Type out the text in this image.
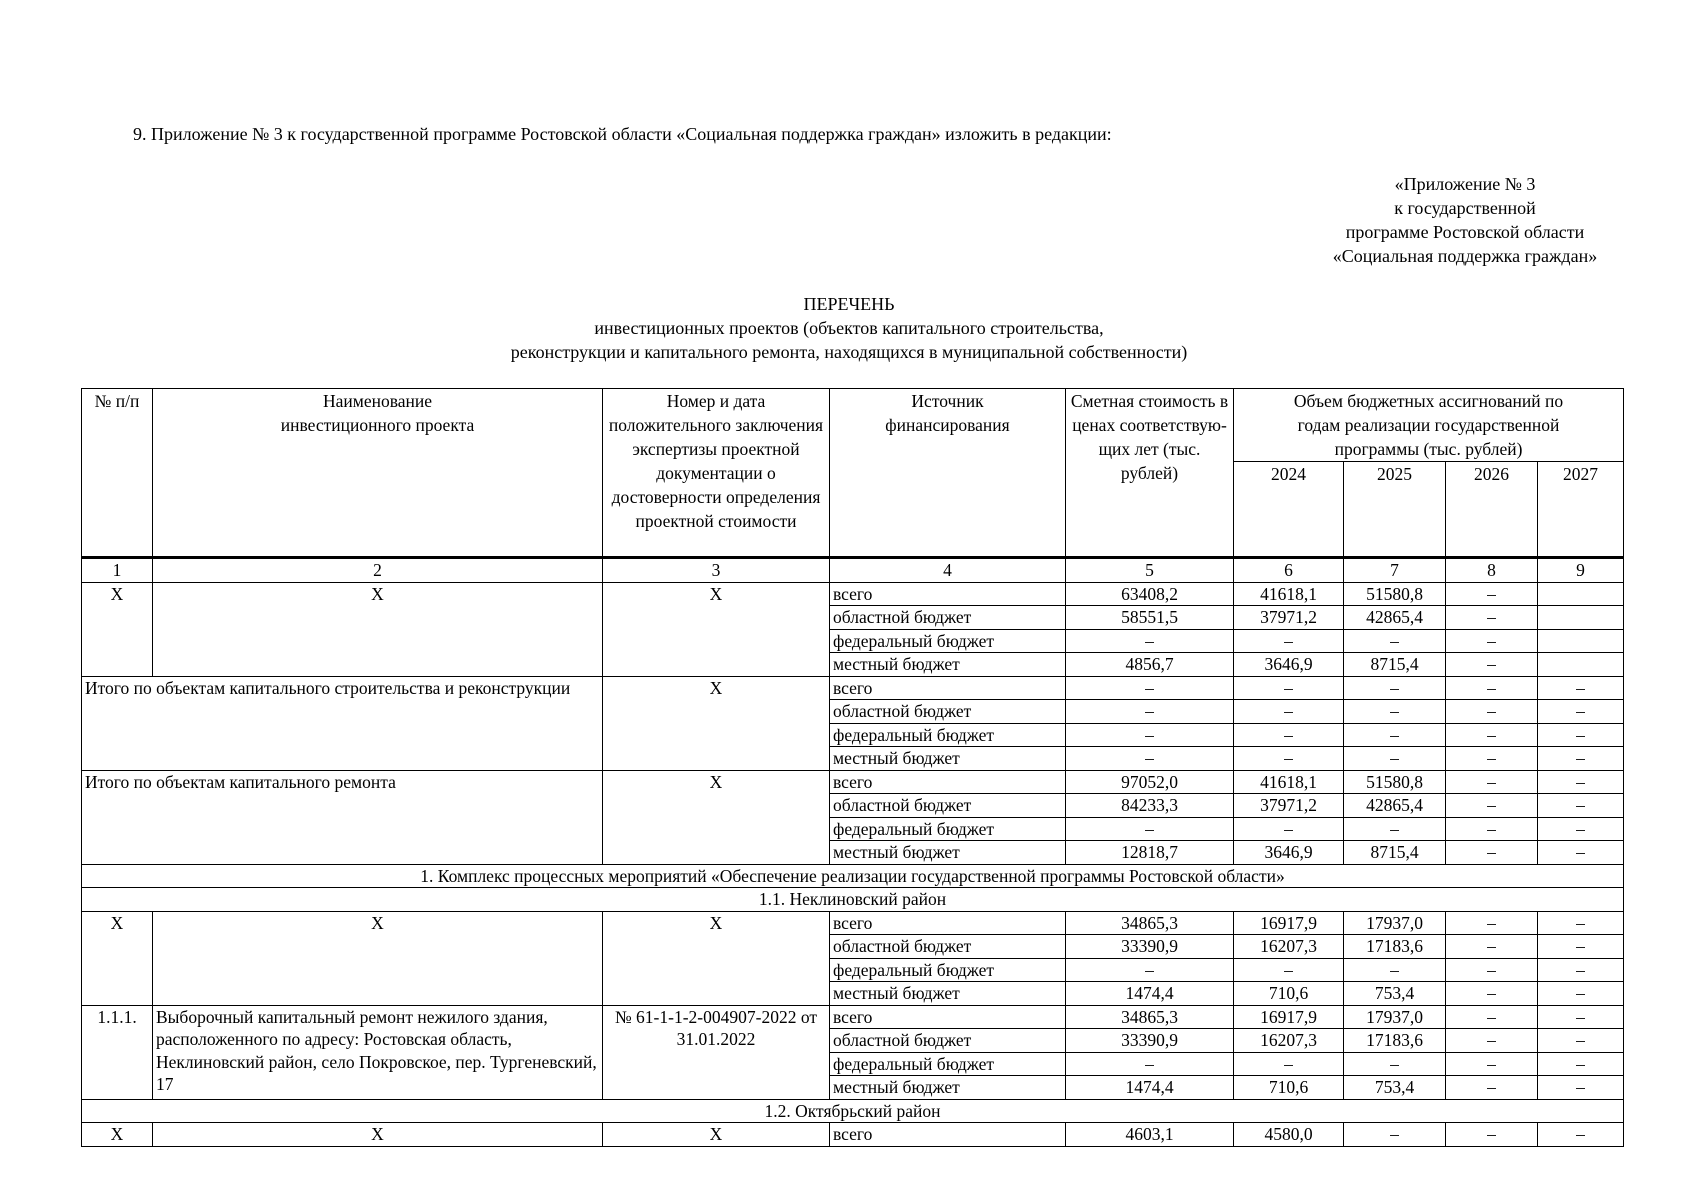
9. Приложение № 3 к государственной программе Ростовской области «Социальная поддержка граждан» изложить в редакции:
«Приложение № 3
к государственной
программе Ростовской области
«Социальная поддержка граждан»
ПЕРЕЧЕНЬ
инвестиционных проектов (объектов капитального строительства,
реконструкции и капитального ремонта, находящихся в муниципальной собственности)
№ п/п	Наименование инвестиционного проекта	Номер и дата положительного заключения экспертизы проектной документации о достоверности определения проектной стоимости	Источник финансирования	Сметная стоимость в ценах соответствую-щих лет (тыс. рублей)	Объем бюджетных ассигнований по годам реализации государственной программы (тыс. рублей)			
					2024	2025	2026	2027
1	2	3	4	5	6	7	8	9
Х	Х	Х	всего	63408,2	41618,1	51580,8	–	
			областной бюджет	58551,5	37971,2	42865,4	–	
			федеральный бюджет	–	–	–	–	
			местный бюджет	4856,7	3646,9	8715,4	–	
Итого по объектам капитального строительства и реконструкции		Х	всего	–	–	–	–	–
			областной бюджет	–	–	–	–	–
			федеральный бюджет	–	–	–	–	–
			местный бюджет	–	–	–	–	–
Итого по объектам капитального ремонта		Х	всего	97052,0	41618,1	51580,8	–	–
			областной бюджет	84233,3	37971,2	42865,4	–	–
			федеральный бюджет	–	–	–	–	–
			местный бюджет	12818,7	3646,9	8715,4	–	–
1. Комплекс процессных мероприятий «Обеспечение реализации государственной программы Ростовской области»								
1.1. Неклиновский район								
Х	Х	Х	всего	34865,3	16917,9	17937,0	–	–
			областной бюджет	33390,9	16207,3	17183,6	–	–
			федеральный бюджет	–	–	–	–	–
			местный бюджет	1474,4	710,6	753,4	–	–
1.1.1.	Выборочный капитальный ремонт нежилого здания, расположенного по адресу: Ростовская область, Неклиновский район, село Покровское, пер. Тургеневский, 17	№ 61-1-1-2-004907-2022 от 31.01.2022	всего	34865,3	16917,9	17937,0	–	–
			областной бюджет	33390,9	16207,3	17183,6	–	–
			федеральный бюджет	–	–	–	–	–
			местный бюджет	1474,4	710,6	753,4	–	–
1.2. Октябрьский район								
Х	Х	Х	всего	4603,1	4580,0	–	–	–
